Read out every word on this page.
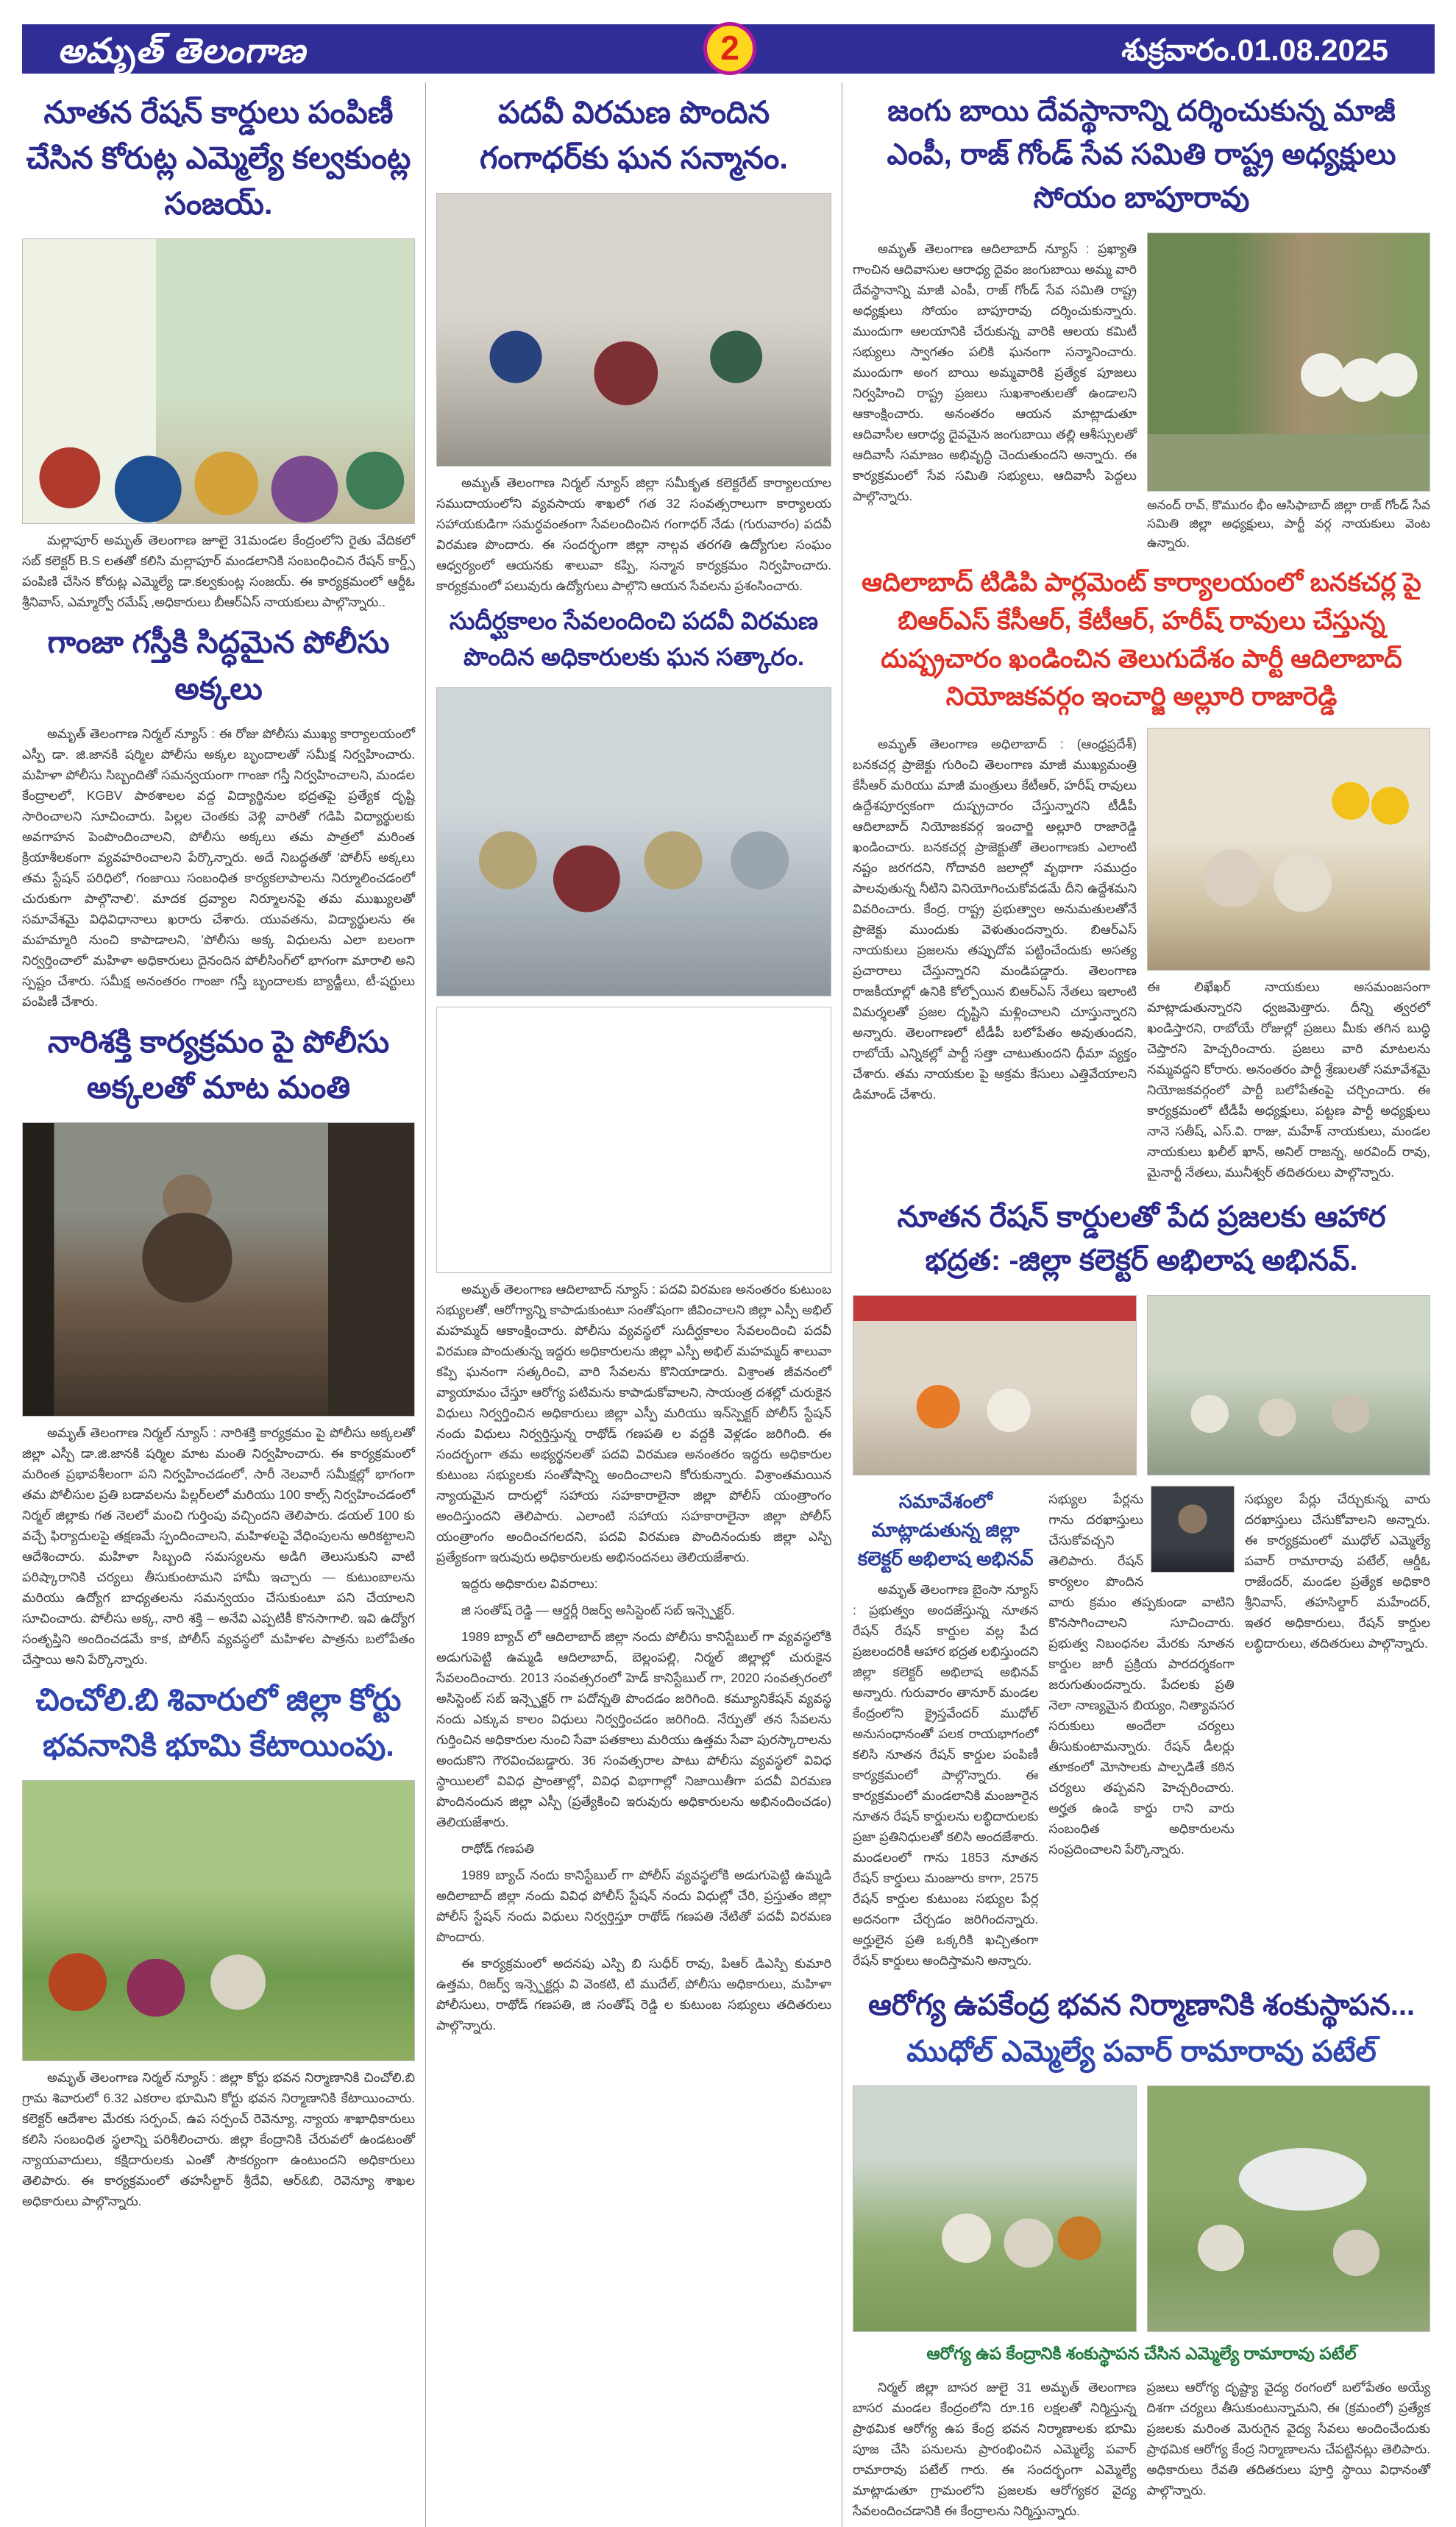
అమృత్ తెలంగాణ	2	శుక్రవారం.01.08.2025
నూతన రేషన్ కార్డులు పంపిణీ చేసిన కోరుట్ల ఎమ్మెల్యే కల్వకుంట్ల సంజయ్.

మల్లాపూర్ అమృత్ తెలంగాణ జూలై 31మండల కేంద్రంలోని రైతు వేదికలో సబ్ కలెక్టర్ B.S లతతో కలిసి మల్లాపూర్ మండలానికి సంబంధించిన రేషన్ కార్డ్స్ పంపిణి చేసిన కోరుట్ల ఎమ్మెల్యే డా.కల్వకుంట్ల సంజయ్. ఈ కార్యక్రమంలో ఆర్డీఓ శ్రీనివాస్, ఎమ్మార్వో రమేష్ ,అధికారులు బీఆర్ఏస్ నాయకులు పాల్గొన్నారు..

గాంజా గస్తీకి సిద్ధమైన పోలీసు అక్కలు

అమృత్ తెలంగాణ నిర్మల్ న్యూస్ : ఈ రోజు పోలీసు ముఖ్య కార్యాలయంలో ఎస్పీ డా. జి.జానకి షర్మిల పోలీసు అక్కల బృందాలతో సమీక్ష నిర్వహించారు. మహిళా పోలీసు సిబ్బందితో సమన్వయంగా గాంజా గస్తీ నిర్వహించాలని, మండల కేంద్రాలలో, KGBV పాఠశాలల వద్ద విద్యార్థినుల భద్రతపై ప్రత్యేక దృష్టి సారించాలని సూచించారు. పిల్లల చెంతకు వెళ్లి వారితో గడిపి విద్యార్థులకు అవగాహన పెంపొందించాలని, పోలీసు అక్కలు తమ పాత్రలో మరింత క్రియాశీలకంగా వ్యవహరించాలని పేర్కొన్నారు. అదే నిబద్ధతతో 'పోలీస్ అక్కలు తమ స్టేషన్ పరిధిలో, గంజాయి సంబంధిత కార్యకలాపాలను నిర్మూలించడంలో చురుకుగా పాల్గొనాలి'. మాదక ద్రవ్యాల నిర్మూలనపై తమ ముఖ్యులతో సమావేశమై విధివిధానాలు ఖరారు చేశారు. యువతను, విద్యార్థులను ఈ మహమ్మారి నుంచి కాపాడాలని, 'పోలీసు అక్క విధులను ఎలా బలంగా నిర్వర్తించాలో' మహిళా అధికారులు దైనందిన పోలీసింగ్‌లో భాగంగా మారాలి అని స్పష్టం చేశారు. సమీక్ష అనంతరం గాంజా గస్తీ బృందాలకు బ్యాడ్జీలు, టీ-షర్టులు పంపిణీ చేశారు.

నారిశక్తి కార్యక్రమం పై పోలీసు అక్కలతో మాట మంతి

అమృత్ తెలంగాణ నిర్మల్ న్యూస్ : నారిశక్తి కార్యక్రమం పై పోలీసు అక్కలతో జిల్లా ఎస్పీ డా.జి.జానకి షర్మిల మాట మంతి నిర్వహించారు. ఈ కార్యక్రమంలో మరింత ప్రభావశీలంగా పని నిర్వహించడంలో, సారీ నెలవారీ సమీక్షల్లో భాగంగా తమ పోలీసుల ప్రతి బడావలను పిల్లర్‌లలో మరియు 100 కాల్స్ నిర్వహించడంలో నిర్మల్ జిల్లాకు గత నెలలో మంచి గుర్తింపు వచ్చిందని తెలిపారు. డయల్ 100 కు వచ్చే ఫిర్యాదులపై తక్షణమే స్పందించాలని, మహిళలపై వేధింపులను అరికట్టాలని ఆదేశించారు. మహిళా సిబ్బంది సమస్యలను అడిగి తెలుసుకుని వాటి పరిష్కారానికి చర్యలు తీసుకుంటామని హామీ ఇచ్చారు — కుటుంబాలను మరియు ఉద్యోగ బాధ్యతలను సమన్వయం చేసుకుంటూ పని చేయాలని సూచించారు. పోలీసు అక్క, నారి శక్తి – అనేవి ఎప్పటికీ కొనసాగాలి. ఇవి ఉద్యోగ సంతృప్తిని అందించడమే కాక, పోలీస్ వ్యవస్థలో మహిళల పాత్రను బలోపేతం చేస్తాయి అని పేర్కొన్నారు.

చించోలి.బి శివారులో జిల్లా కోర్టు భవనానికి భూమి కేటాయింపు.

అమృత్ తెలంగాణ నిర్మల్ న్యూస్ : జిల్లా కోర్టు భవన నిర్మాణానికి చించోలి.బి గ్రామ శివారులో 6.32 ఎకరాల భూమిని కోర్టు భవన నిర్మాణానికి కేటాయించారు. కలెక్టర్ ఆదేశాల మేరకు సర్పంచ్, ఉప సర్పంచ్ రెవెన్యూ, న్యాయ శాఖాధికారులు కలిసి సంబంధిత స్థలాన్ని పరిశీలించారు. జిల్లా కేంద్రానికి చేరువలో ఉండటంతో న్యాయవాదులు, కక్షిదారులకు ఎంతో సౌకర్యంగా ఉంటుందని అధికారులు తెలిపారు. ఈ కార్యక్రమంలో తహసీల్దార్ శ్రీదేవి, ఆర్&బి, రెవెన్యూ శాఖల అధికారులు పాల్గొన్నారు.

పదవీ విరమణ పొందిన గంగాధర్‌కు ఘన సన్మానం.

అమృత్ తెలంగాణ నిర్మల్ న్యూస్ జిల్లా సమీకృత కలెక్టరేట్ కార్యాలయాల సముదాయంలోని వ్యవసాయ శాఖలో గత 32 సంవత్సరాలుగా కార్యాలయ సహాయకుడిగా సమర్థవంతంగా సేవలందించిన గంగాధర్ నేడు (గురువారం) పదవీ విరమణ పొందారు. ఈ సందర్భంగా జిల్లా నాల్గవ తరగతి ఉద్యోగుల సంఘం ఆధ్వర్యంలో ఆయనకు శాలువా కప్పి, సన్మాన కార్యక్రమం నిర్వహించారు. కార్యక్రమంలో పలువురు ఉద్యోగులు పాల్గొని ఆయన సేవలను ప్రశంసించారు.

సుదీర్ఘకాలం సేవలందించి పదవీ విరమణ పొందిన అధికారులకు ఘన సత్కారం.

అమృత్ తెలంగాణ ఆదిలాబాద్ న్యూస్ : పదవి విరమణ అనంతరం కుటుంబ సభ్యులతో, ఆరోగ్యాన్ని కాపాడుకుంటూ సంతోషంగా జీవించాలని జిల్లా ఎస్పీ అభిల్ మహమ్మద్ ఆకాంక్షించారు. పోలీసు వ్యవస్థలో సుదీర్ఘకాలం సేవలందించి పదవీ విరమణ పొందుతున్న ఇద్దరు అధికారులను జిల్లా ఎస్పీ అభిల్ మహమ్మద్ శాలువా కప్పి ఘనంగా సత్కరించి, వారి సేవలను కొనియాడారు. విశ్రాంత జీవనంలో వ్యాయామం చేస్తూ ఆరోగ్య పటిమను కాపాడుకోవాలని, సాయంత్ర దశల్లో చురుకైన విధులు నిర్వర్తించిన అధికారులు జిల్లా ఎస్పీ మరియు ఇన్‌స్పెక్టర్ పోలీస్ స్టేషన్ నందు విధులు నిర్వర్తిస్తున్న రాథోడ్ గణపతి ల వద్దకి వెళ్లడం జరిగింది. ఈ సందర్భంగా తమ అభ్యర్థనలతో పదవి విరమణ అనంతరం ఇద్దరు అధికారుల కుటుంబ సభ్యులకు సంతోషాన్ని అందించాలని కోరుకున్నారు. విశ్రాంతమయిన న్యాయమైన దారుల్లో సహాయ సహకారాలైనా జిల్లా పోలీస్ యంత్రాంగం అందిస్తుందని తెలిపారు. ఎలాంటి సహాయ సహకారాలైనా జిల్లా పోలీస్ యంత్రాంగం అందించగలదని, పదవి విరమణ పొందినందుకు జిల్లా ఎస్పి ప్రత్యేకంగా ఇరువురు అధికారులకు అభినందనలు తెలియజేశారు.

ఇద్దరు అధికారుల వివరాలు:

జి సంతోష్ రెడ్డి — ఆర్డర్లీ రిజర్వ్ అసిస్టెంట్ సబ్ ఇన్స్పెక్టర్.

1989 బ్యాచ్ లో ఆదిలాబాద్ జిల్లా నందు పోలీసు కానిస్టేబుల్ గా వ్యవస్థలోకి అడుగుపెట్టి ఉమ్మడి ఆదిలాబాద్, బెల్లంపల్లి, నిర్మల్ జిల్లాల్లో చురుకైన సేవలందించారు. 2013 సంవత్సరంలో హెడ్ కానిస్టేబుల్ గా, 2020 సంవత్సరంలో అసిస్టెంట్ సబ్ ఇన్స్పెక్టర్ గా పదోన్నతి పొందడం జరిగింది. కమ్యూనికేషన్ వ్యవస్థ నందు ఎక్కువ కాలం విధులు నిర్వర్తించడం జరిగింది. నేర్పుతో తన సేవలను గుర్తించిన అధికారుల నుంచి సేవా పతకాలు మరియు ఉత్తమ సేవా పురస్కారాలను అందుకొని గౌరవించబడ్డారు. 36 సంవత్సరాల పాటు పోలీసు వ్యవస్థలో వివిధ స్థాయిలలో వివిధ ప్రాంతాల్లో, వివిధ విభాగాల్లో నిజాయితీగా పదవీ విరమణ పొందినందున జిల్లా ఎస్పీ (ప్రత్యేకించి ఇరువురు అధికారులను అభినందించడం) తెలియజేశారు.

రాథోడ్ గణపతి

1989 బ్యాచ్ నందు కానిస్టేబుల్ గా పోలీస్ వ్యవస్థలోకి అడుగుపెట్టి ఉమ్మడి అదిలాబాద్ జిల్లా నందు వివిధ పోలీస్ స్టేషన్ నందు విధుల్లో చేరి, ప్రస్తుతం జిల్లా పోలీస్ స్టేషన్ నందు విధులు నిర్వర్తిస్తూ రాథోడ్ గణపతి నేటితో పదవీ విరమణ పొందారు.

ఈ కార్యక్రమంలో అదనపు ఎస్పి బి సుధీర్ రావు, పిఆర్ డిఎస్పి కుమారి ఉత్తమ, రిజర్వ్ ఇన్స్పెక్టర్లు వి వెంకటి, టి ముదేల్, పోలీసు అధికారులు, మహిళా పోలీసులు, రాథోడ్ గణపతి, జి సంతోష్ రెడ్డి ల కుటుంబ సభ్యులు తదితరులు పాల్గొన్నారు.

జంగు బాయి దేవస్థానాన్ని దర్శించుకున్న మాజీ ఎంపీ, రాజ్ గోండ్ సేవ సమితి రాష్ట్ర అధ్యక్షులు సోయం బాపూరావు

అమృత్ తెలంగాణ ఆదిలాబాద్ న్యూస్ : ప్రఖ్యాతి గాంచిన ఆదివాసుల ఆరాధ్య దైవం జంగుబాయి అమ్మ వారి దేవస్థానాన్ని మాజీ ఎంపీ, రాజ్ గోండ్ సేవ సమితి రాష్ట్ర అధ్యక్షులు సోయం బాపూరావు దర్శించుకున్నారు. ముందుగా ఆలయానికి చేరుకున్న వారికి ఆలయ కమిటీ సభ్యులు స్వాగతం పలికి ఘనంగా సన్మానించారు. ముందుగా అంగ బాయి అమ్మవారికి ప్రత్యేక పూజలు నిర్వహించి రాష్ట్ర ప్రజలు సుఖశాంతులతో ఉండాలని ఆకాంక్షించారు. అనంతరం ఆయన మాట్లాడుతూ ఆదివాసీల ఆరాధ్య దైవమైన జంగుబాయి తల్లి ఆశీస్సులతో ఆదివాసీ సమాజం అభివృద్ధి చెందుతుందని అన్నారు. ఈ కార్యక్రమంలో సేవ సమితి సభ్యులు, ఆదివాసీ పెద్దలు పాల్గొన్నారు.

అనంద్ రావ్, కొమురం భీం ఆసిఫాబాద్ జిల్లా రాజ్ గోండ్ సేవ సమితి జిల్లా అధ్యక్షులు, పార్టీ వర్గ నాయకులు వెంట ఉన్నారు.

ఆదిలాబాద్ టిడిపి పార్లమెంట్ కార్యాలయంలో బనకచర్ల పై బిఆర్ఎస్ కేసీఆర్, కేటీఆర్, హరీష్ రావులు చేస్తున్న దుష్ప్రచారం ఖండించిన తెలుగుదేశం పార్టీ ఆదిలాబాద్ నియోజకవర్గం ఇంచార్జి అల్లూరి రాజారెడ్డి

అమృత్ తెలంగాణ అధిలాబాద్ : (ఆంధ్రప్రదేశ్) బనకచర్ల ప్రాజెక్టు గురించి తెలంగాణ మాజీ ముఖ్యమంత్రి కేసీఆర్ మరియు మాజీ మంత్రులు కేటీఆర్, హరీష్ రావులు ఉద్దేశపూర్వకంగా దుష్ప్రచారం చేస్తున్నారని టీడీపీ ఆదిలాబాద్ నియోజకవర్గ ఇంచార్జి అల్లూరి రాజారెడ్డి ఖండించారు. బనకచర్ల ప్రాజెక్టుతో తెలంగాణకు ఎలాంటి నష్టం జరగదని, గోదావరి జలాల్లో వృథాగా సముద్రం పాలవుతున్న నీటిని వినియోగించుకోవడమే దీని ఉద్దేశమని వివరించారు. కేంద్ర, రాష్ట్ర ప్రభుత్వాల అనుమతులతోనే ప్రాజెక్టు ముందుకు వెళుతుందన్నారు. బిఆర్ఎస్ నాయకులు ప్రజలను తప్పుదోవ పట్టించేందుకు అసత్య ప్రచారాలు చేస్తున్నారని మండిపడ్డారు. తెలంగాణ రాజకీయాల్లో ఉనికి కోల్పోయిన బిఆర్ఎస్ నేతలు ఇలాంటి విమర్శలతో ప్రజల దృష్టిని మళ్లించాలని చూస్తున్నారని అన్నారు. తెలంగాణలో టీడీపీ బలోపేతం అవుతుందని, రాబోయే ఎన్నికల్లో పార్టీ సత్తా చాటుతుందని ధీమా వ్యక్తం చేశారు. తమ నాయకుల పై అక్రమ కేసులు ఎత్తివేయాలని డిమాండ్ చేశారు.

ఈ లిఖేఖర్ నాయకులు అసమంజసంగా మాట్లాడుతున్నారని ధ్వజమెత్తారు. దీన్ని త్వరలో ఖండిస్తారని, రాబోయే రోజుల్లో ప్రజలు మీకు తగిన బుద్ధి చెప్తారని హెచ్చరించారు. ప్రజలు వారి మాటలను నమ్మవద్దని కోరారు. అనంతరం పార్టీ శ్రేణులతో సమావేశమై నియోజకవర్గంలో పార్టీ బలోపేతంపై చర్చించారు. ఈ కార్యక్రమంలో టీడీపీ అధ్యక్షులు, పట్టణ పార్టీ అధ్యక్షులు నానె సతీష్, ఎస్.వి. రాజు, మహేశ్ నాయకులు, మండల నాయకులు ఖలీల్ ఖాన్, అనిల్ రాజన్న, అరవింద్ రావు, మైనార్టీ నేతలు, మునీశ్వర్ తదితరులు పాల్గొన్నారు.

నూతన రేషన్ కార్డులతో పేద ప్రజలకు ఆహార భద్రత: -జిల్లా కలెక్టర్ అభిలాష అభినవ్.
సమావేశంలో మాట్లాడుతున్న జిల్లా కలెక్టర్ అభిలాష అభినవ్

అమృత్ తెలంగాణ బైంసా న్యూస్ : ప్రభుత్వం అందజేస్తున్న నూతన రేషన్ రేషన్ కార్డుల వల్ల పేద ప్రజలందరికీ ఆహార భద్రత లభిస్తుందని జిల్లా కలెక్టర్ అభిలాష అభినవ్ అన్నారు. గురువారం తానూర్ మండల కేంద్రంలోని క్రైస్తవేందర్ ముధోల్ అనుసంధానంతో పలక రాయభాగంలో కలిసి నూతన రేషన్ కార్డుల పంపిణీ కార్యక్రమంలో పాల్గొన్నారు. ఈ కార్యక్రమంలో మండలానికి మంజూరైన నూతన రేషన్ కార్డులను లబ్ధిదారులకు ప్రజా ప్రతినిధులతో కలిసి అందజేశారు. మండలంలో గాను 1853 నూతన రేషన్ కార్డులు మంజూరు కాగా, 2575 రేషన్ కార్డుల కుటుంబ సభ్యుల పేర్ల అదనంగా చేర్చడం జరిగిందన్నారు. అర్హులైన ప్రతి ఒక్కరికి ఖచ్చితంగా రేషన్ కార్డులు అందిస్తామని అన్నారు.

సభ్యుల పేర్లను గాను దరఖాస్తులు చేసుకోవచ్చని తెలిపారు. రేషన్ కార్యలం పొందిన వారు క్రమం తప్పకుండా వాటిని కొనసాగించాలని సూచించారు. ప్రభుత్వ నిబంధనల మేరకు నూతన కార్డుల జారీ ప్రక్రియ పారదర్శకంగా జరుగుతుందన్నారు. పేదలకు ప్రతి నెలా నాణ్యమైన బియ్యం, నిత్యావసర సరుకులు అందేలా చర్యలు తీసుకుంటామన్నారు. రేషన్ డీలర్లు తూకంలో మోసాలకు పాల్పడితే కఠిన చర్యలు తప్పవని హెచ్చరించారు. అర్హత ఉండి కార్డు రాని వారు సంబంధిత అధికారులను సంప్రదించాలని పేర్కొన్నారు.

సభ్యుల పేర్లు చేర్చుకున్న వారు దరఖాస్తులు చేసుకోవాలని అన్నారు. ఈ కార్యక్రమంలో ముధోల్ ఎమ్మెల్యే పవార్ రామారావు పటేల్, ఆర్డీఓ రాజేందర్, మండల ప్రత్యేక అధికారి శ్రీనివాస్, తహసిల్దార్ మహేందర్, ఇతర అధికారులు, రేషన్ కార్డుల లబ్ధిదారులు, తదితరులు పాల్గొన్నారు.

ఆరోగ్య ఉపకేంద్ర భవన నిర్మాణానికి శంకుస్థాపన...
ముధోల్ ఎమ్మెల్యే పవార్ రామారావు పటేల్
ఆరోగ్య ఉప కేంద్రానికి శంకుస్థాపన చేసిన ఎమ్మెల్యే రామారావు పటేల్

నిర్మల్ జిల్లా బాసర జులై 31 అమృత్ తెలంగాణ బాసర మండల కేంద్రంలోని రూ.16 లక్షలతో నిర్మిస్తున్న ప్రాథమిక ఆరోగ్య ఉప కేంద్ర భవన నిర్మాణాలకు భూమి పూజ చేసి పనులను ప్రారంభించిన ఎమ్మెల్యే పవార్ రామారావు పటేల్ గారు. ఈ సందర్భంగా ఎమ్మెల్యే మాట్లాడుతూ గ్రామంలోని ప్రజలకు ఆరోగ్యకర వైద్య సేవలందించడానికి ఈ కేంద్రాలను నిర్మిస్తున్నారు.

ప్రజలు ఆరోగ్య దృష్ట్యా వైద్య రంగంలో బలోపేతం అయ్యే దిశగా చర్యలు తీసుకుంటున్నామని, ఈ (క్రమంలో) ప్రత్యేక ప్రజలకు మరింత మెరుగైన వైద్య సేవలు అందించేందుకు ప్రాథమిక ఆరోగ్య కేంద్ర నిర్మాణాలను చేపట్టినట్లు తెలిపారు. అధికారులు రేవతి తదితరులు పూర్తి స్థాయి విధానంతో పాల్గొన్నారు.
